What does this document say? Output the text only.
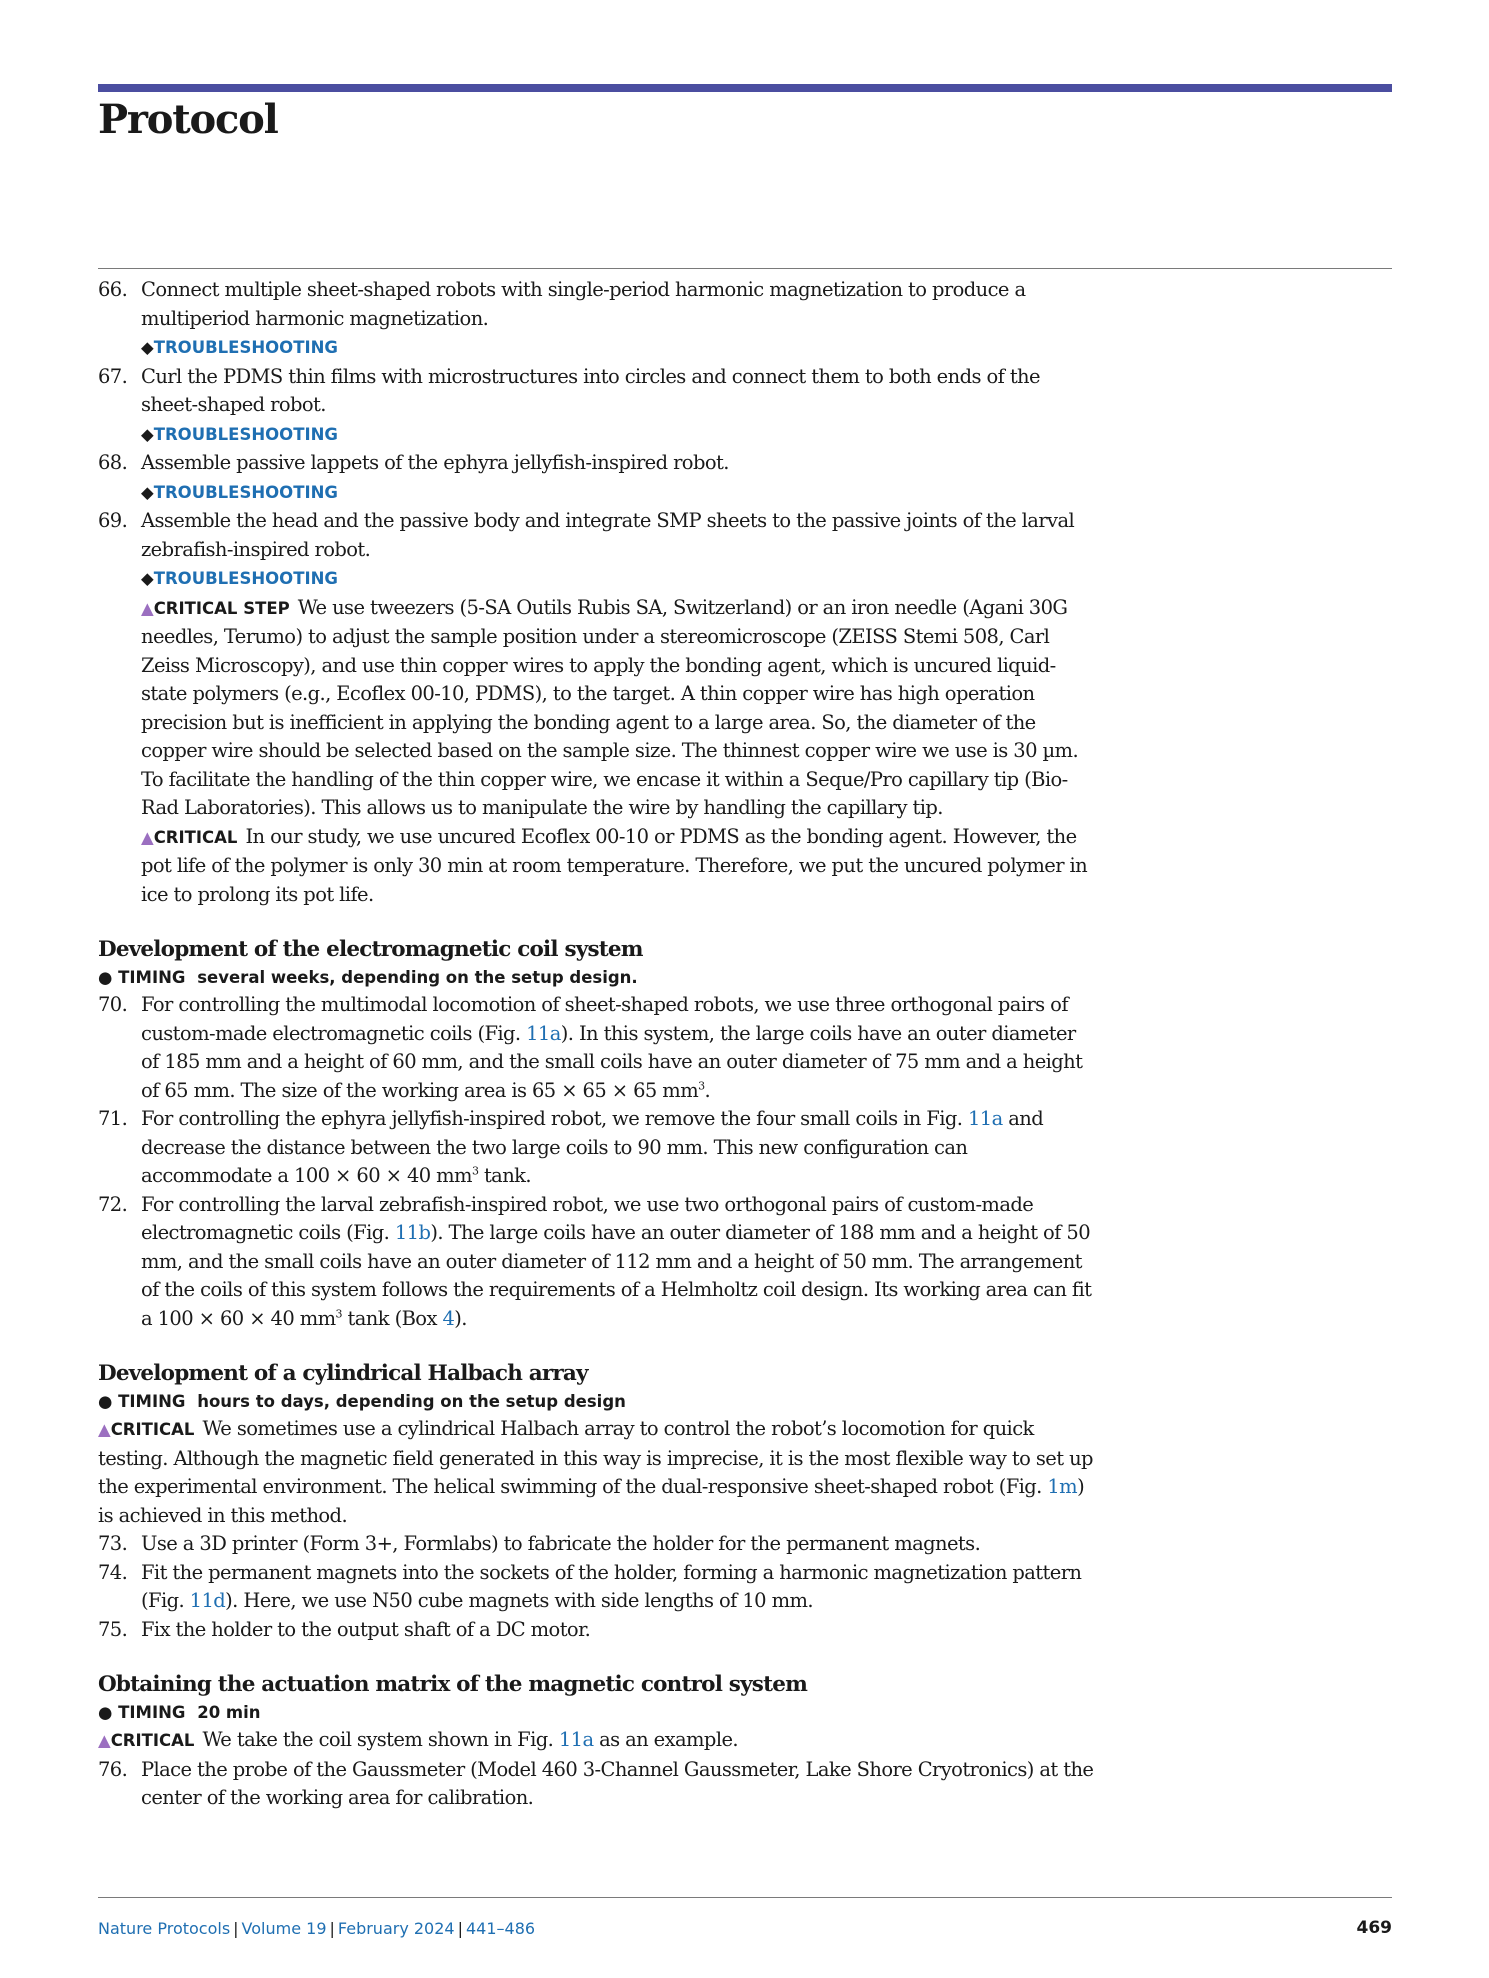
Protocol
66. Connect multiple sheet-shaped robots with single-period harmonic magnetization to produce a multiperiod harmonic magnetization.
◆TROUBLESHOOTING
67. Curl the PDMS thin films with microstructures into circles and connect them to both ends of the sheet-shaped robot.
◆TROUBLESHOOTING
68. Assemble passive lappets of the ephyra jellyfish-inspired robot.
◆TROUBLESHOOTING
69. Assemble the head and the passive body and integrate SMP sheets to the passive joints of the larval zebrafish-inspired robot.
◆TROUBLESHOOTING
▲CRITICAL STEP We use tweezers (5-SA Outils Rubis SA, Switzerland) or an iron needle (Agani 30G needles, Terumo) to adjust the sample position under a stereomicroscope (ZEISS Stemi 508, Carl Zeiss Microscopy), and use thin copper wires to apply the bonding agent, which is uncured liquid-state polymers (e.g., Ecoflex 00-10, PDMS), to the target. A thin copper wire has high operation precision but is inefficient in applying the bonding agent to a large area. So, the diameter of the copper wire should be selected based on the sample size. The thinnest copper wire we use is 30 µm. To facilitate the handling of the thin copper wire, we encase it within a Seque/Pro capillary tip (Bio-Rad Laboratories). This allows us to manipulate the wire by handling the capillary tip.
▲CRITICAL In our study, we use uncured Ecoflex 00-10 or PDMS as the bonding agent. However, the pot life of the polymer is only 30 min at room temperature. Therefore, we put the uncured polymer in ice to prolong its pot life.
Development of the electromagnetic coil system
● TIMING several weeks, depending on the setup design.
70. For controlling the multimodal locomotion of sheet-shaped robots, we use three orthogonal pairs of custom-made electromagnetic coils (Fig. 11a). In this system, the large coils have an outer diameter of 185 mm and a height of 60 mm, and the small coils have an outer diameter of 75 mm and a height of 65 mm. The size of the working area is 65 × 65 × 65 $mm^3$.
71. For controlling the ephyra jellyfish-inspired robot, we remove the four small coils in Fig. 11a and decrease the distance between the two large coils to 90 mm. This new configuration can accommodate a 100 × 60 × 40 $mm^3$ tank.
72. For controlling the larval zebrafish-inspired robot, we use two orthogonal pairs of custom-made electromagnetic coils (Fig. 11b). The large coils have an outer diameter of 188 mm and a height of 50 mm, and the small coils have an outer diameter of 112 mm and a height of 50 mm. The arrangement of the coils of this system follows the requirements of a Helmholtz coil design. Its working area can fit a 100 × 60 × 40 $mm^3$ tank (Box 4).
Development of a cylindrical Halbach array
● TIMING hours to days, depending on the setup design
▲CRITICAL We sometimes use a cylindrical Halbach array to control the robot’s locomotion for quick testing. Although the magnetic field generated in this way is imprecise, it is the most flexible way to set up the experimental environment. The helical swimming of the dual-responsive sheet-shaped robot (Fig. 1m) is achieved in this method.
73. Use a 3D printer (Form 3+, Formlabs) to fabricate the holder for the permanent magnets.
74. Fit the permanent magnets into the sockets of the holder, forming a harmonic magnetization pattern (Fig. 11d). Here, we use N50 cube magnets with side lengths of 10 mm.
75. Fix the holder to the output shaft of a DC motor.
Obtaining the actuation matrix of the magnetic control system
● TIMING 20 min
▲CRITICAL We take the coil system shown in Fig. 11a as an example.
76. Place the probe of the Gaussmeter (Model 460 3-Channel Gaussmeter, Lake Shore Cryotronics) at the center of the working area for calibration.
Nature Protocols | Volume 19 | February 2024 | 441–486	469
